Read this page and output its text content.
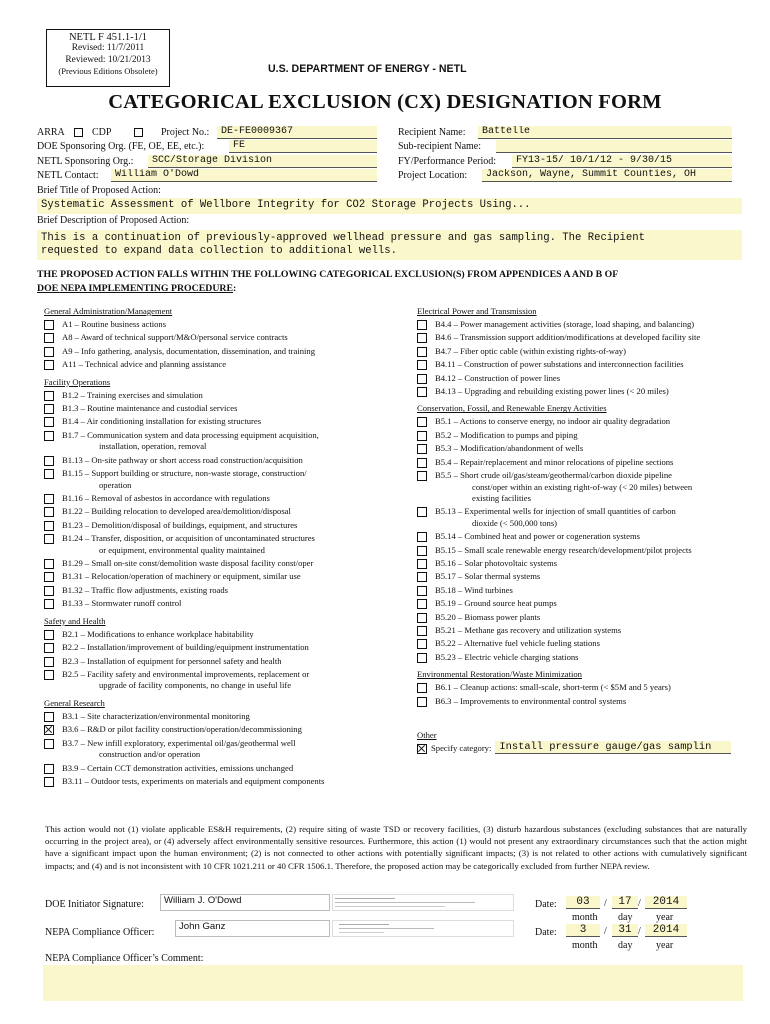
NETL F 451.1-1/1
Revised: 11/7/2011
Reviewed: 10/21/2013
(Previous Editions Obsolete)	U.S. DEPARTMENT OF ENERGY - NETL
CATEGORICAL EXCLUSION (CX) DESIGNATION FORM
ARRA
	CDP	Project No.:	DE-FE0009367
DOE Sponsoring Org. (FE, OE, EE, etc.):	FE
NETL Sponsoring Org.:	SCC/Storage Division
NETL Contact:	William O'Dowd
Recipient Name:	Battelle
Sub-recipient Name:
FY/Performance Period:	FY13-15/ 10/1/12 - 9/30/15
Project Location:	Jackson, Wayne, Summit Counties, OH
Brief Title of Proposed Action:
Systematic Assessment of Wellbore Integrity for CO2 Storage Projects Using...
Brief Description of Proposed Action:
This is a continuation of previously-approved wellhead pressure and gas sampling. The Recipient
requested to expand data collection to additional wells.
THE PROPOSED ACTION FALLS WITHIN THE FOLLOWING CATEGORICAL EXCLUSION(S) FROM APPENDICES A AND B OF
DOE NEPA IMPLEMENTING PROCEDURE:
General Administration/Management
A1 – Routine business actions
A8 – Award of technical support/M&O/personal service contracts
A9 – Info gathering, analysis, documentation, dissemination, and training
A11 – Technical advice and planning assistance
Facility Operations
B1.2 – Training exercises and simulation
B1.3 – Routine maintenance and custodial services
B1.4 – Air conditioning installation for existing structures
B1.7 – Communication system and data processing equipment acquisition,
installation, operation, removal
B1.13 – On-site pathway or short access road construction/acquisition
B1.15 – Support building or structure, non-waste storage, construction/
operation
B1.16 – Removal of asbestos in accordance with regulations
B1.22 – Building relocation to developed area/demolition/disposal
B1.23 – Demolition/disposal of buildings, equipment, and structures
B1.24 – Transfer, disposition, or acquisition of uncontaminated structures
or equipment, environmental quality maintained
B1.29 – Small on-site const/demolition waste disposal facility const/oper
B1.31 – Relocation/operation of machinery or equipment, similar use
B1.32 – Traffic flow adjustments, existing roads
B1.33 – Stormwater runoff control
Safety and Health
B2.1 – Modifications to enhance workplace habitability
B2.2 – Installation/improvement of building/equipment instrumentation
B2.3 – Installation of equipment for personnel safety and health
B2.5 – Facility safety and environmental improvements, replacement or
upgrade of facility components, no change in useful life
General Research
B3.1 – Site characterization/environmental monitoring
B3.6 – R&D or pilot facility construction/operation/decommissioning
B3.7 – New infill exploratory, experimental oil/gas/geothermal well
construction and/or operation
B3.9 – Certain CCT demonstration activities, emissions unchanged
B3.11 – Outdoor tests, experiments on materials and equipment components
Electrical Power and Transmission
B4.4 – Power management activities (storage, load shaping, and balancing)
B4.6 – Transmission support addition/modifications at developed facility site
B4.7 – Fiber optic cable (within existing rights-of-way)
B4.11 – Construction of power substations and interconnection facilities
B4.12 – Construction of power lines
B4.13 – Upgrading and rebuilding existing power lines (< 20 miles)
Conservation, Fossil, and Renewable Energy Activities
B5.1 – Actions to conserve energy, no indoor air quality degradation
B5.2 – Modification to pumps and piping
B5.3 – Modification/abandonment of wells
B5.4 – Repair/replacement and minor relocations of pipeline sections
B5.5 – Short crude oil/gas/steam/geothermal/carbon dioxide pipeline
const/oper within an existing right-of-way (< 20 miles) between
existing facilities
B5.13 – Experimental wells for injection of small quantities of carbon
dioxide (< 500,000 tons)
B5.14 – Combined heat and power or cogeneration systems
B5.15 – Small scale renewable energy research/development/pilot projects
B5.16 – Solar photovoltaic systems
B5.17 – Solar thermal systems
B5.18 – Wind turbines
B5.19 – Ground source heat pumps
B5.20 – Biomass power plants
B5.21 – Methane gas recovery and utilization systems
B5.22 – Alternative fuel vehicle fueling stations
B5.23 – Electric vehicle charging stations
Environmental Restoration/Waste Minimization
B6.1 – Cleanup actions: small-scale, short-term (< $5M and 5 years)
B6.3 – Improvements to environmental control systems
Other
Specify category: Install pressure gauge/gas samplin
This action would not (1) violate applicable ES&H requirements, (2) require siting of waste TSD or recovery facilities, (3) disturb hazardous substances (excluding substances that are naturally occurring in the project area), or (4) adversely affect environmentally sensitive resources. Furthermore, this action (1) would not present any extraordinary circumstances such that the action might have a significant impact upon the human environment; (2) is not connected to other actions with potentially significant impacts; (3) is not related to other actions with cumulatively significant impacts; and (4) and is not inconsistent with 10 CFR 1021.211 or 40 CFR 1506.1. Therefore, the proposed action may be categorically excluded from further NEPA review.
DOE Initiator Signature:	William J. O'Dowd
NEPA Compliance Officer:
John Ganz
Date:	03	/	17 /	2014
month day year
Date:	3	/	31 /	2014
month day year
NEPA Compliance Officer’s Comment:
